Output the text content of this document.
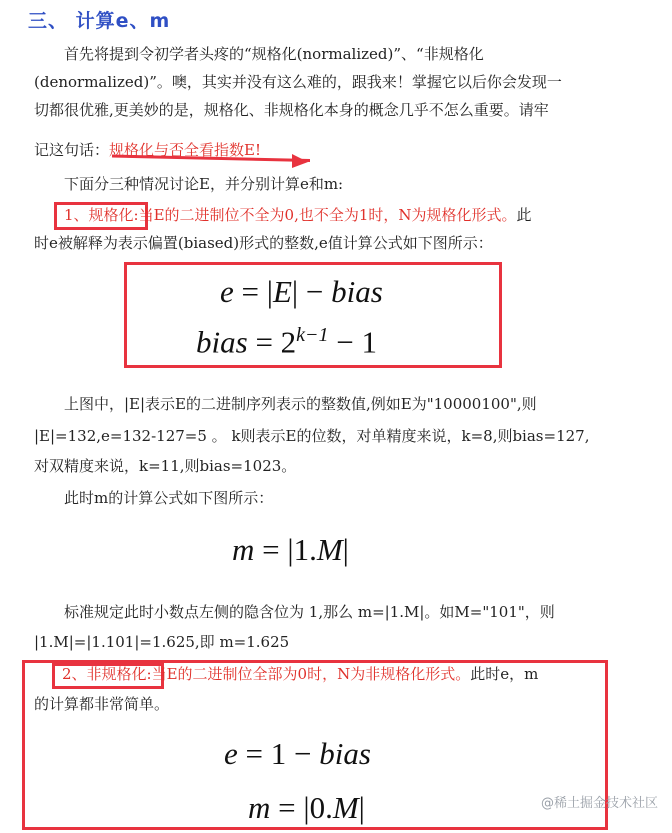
三、 计算e、m
首先将提到令初学者头疼的“规格化(normalized)”、“非规格化
(denormalized)”。噢，其实并没有这么难的，跟我来！掌握它以后你会发现一
切都很优雅,更美妙的是，规格化、非规格化本身的概念几乎不怎么重要。请牢
记这句话：规格化与否全看指数E!
下面分三种情况讨论E，并分别计算e和m:
1、规格化:当E的二进制位不全为0,也不全为1时，N为规格化形式。此
时e被解释为表示偏置(biased)形式的整数,e值计算公式如下图所示：
e = |E| − bias
bias = $2^{k-1} - 1$
上图中，|E|表示E的二进制序列表示的整数值,例如E为"10000100",则
|E|=132,e=132-127=5 。 k则表示E的位数，对单精度来说，k=8,则bias=127,
对双精度来说，k=11,则bias=1023。
此时m的计算公式如下图所示：
m = |1.M|
标准规定此时小数点左侧的隐含位为 1,那么 m=|1.M|。如M="101"，则
|1.M|=|1.101|=1.625,即 m=1.625
2、非规格化:当E的二进制位全部为0时，N为非规格化形式。此时e，m
的计算都非常简单。
e = 1 − bias
m = |0.M|	@稀土掘金技术社区
